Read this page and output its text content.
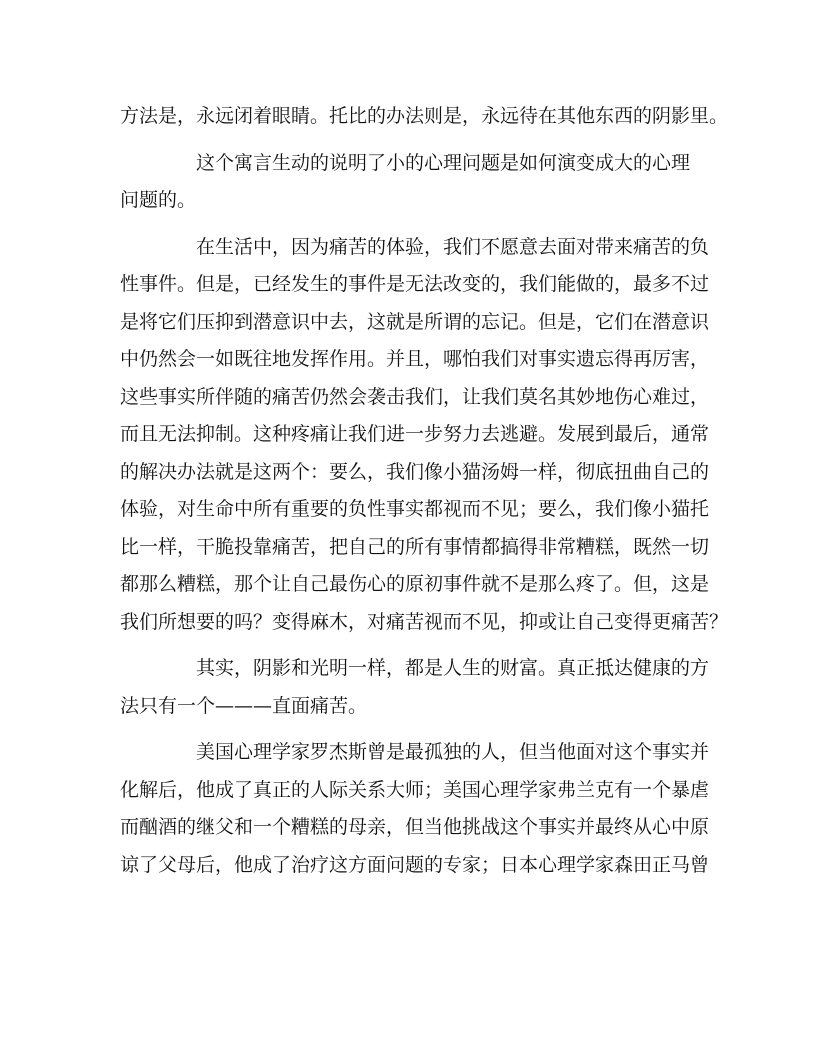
方法是，永远闭着眼睛。托比的办法则是，永远待在其他东西的阴影里。
这个寓言生动的说明了小的心理问题是如何演变成大的心理
问题的。
在生活中，因为痛苦的体验，我们不愿意去面对带来痛苦的负
性事件。但是，已经发生的事件是无法改变的，我们能做的，最多不过
是将它们压抑到潜意识中去，这就是所谓的忘记。但是，它们在潜意识
中仍然会一如既往地发挥作用。并且，哪怕我们对事实遗忘得再厉害，
这些事实所伴随的痛苦仍然会袭击我们，让我们莫名其妙地伤心难过，
而且无法抑制。这种疼痛让我们进一步努力去逃避。发展到最后，通常
的解决办法就是这两个：要么，我们像小猫汤姆一样，彻底扭曲自己的
体验，对生命中所有重要的负性事实都视而不见；要么，我们像小猫托
比一样，干脆投靠痛苦，把自己的所有事情都搞得非常糟糕，既然一切
都那么糟糕，那个让自己最伤心的原初事件就不是那么疼了。但，这是
我们所想要的吗？变得麻木，对痛苦视而不见，抑或让自己变得更痛苦？
其实，阴影和光明一样，都是人生的财富。真正抵达健康的方
法只有一个———直面痛苦。
美国心理学家罗杰斯曾是最孤独的人，但当他面对这个事实并
化解后，他成了真正的人际关系大师；美国心理学家弗兰克有一个暴虐
而酗酒的继父和一个糟糕的母亲，但当他挑战这个事实并最终从心中原
谅了父母后，他成了治疗这方面问题的专家；日本心理学家森田正马曾
